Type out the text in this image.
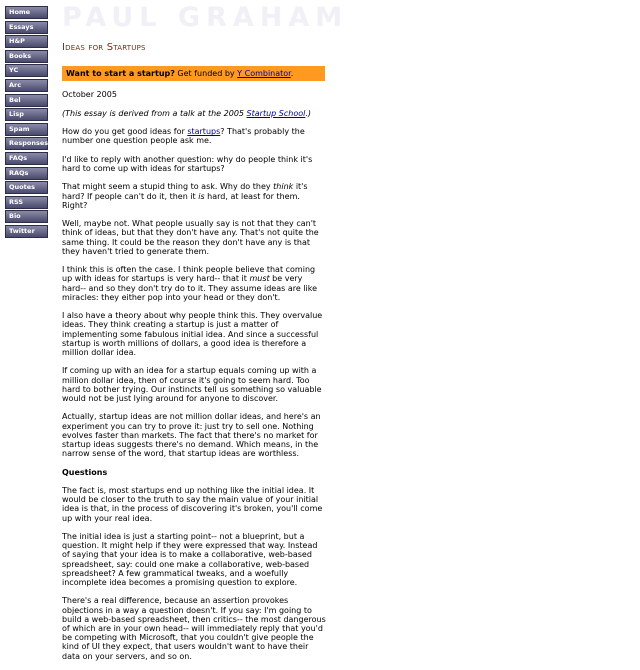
Home
Essays
H&P
Books
YC
Arc
Bel
Lisp
Spam
Responses
FAQs
RAQs
Quotes
RSS
Bio
Twitter
PAUL GRAHAM
Ideas for Startups
Want to start a startup? Get funded by Y Combinator.

October 2005

(This essay is derived from a talk at the 2005 Startup School.)

How do you get good ideas for startups? That's probably the number one question people ask me.

I'd like to reply with another question: why do people think it's hard to come up with ideas for startups?

That might seem a stupid thing to ask. Why do they think it's hard? If people can't do it, then it is hard, at least for them. Right?

Well, maybe not. What people usually say is not that they can't think of ideas, but that they don't have any. That's not quite the same thing. It could be the reason they don't have any is that they haven't tried to generate them.

I think this is often the case. I think people believe that coming up with ideas for startups is very hard-- that it must be very hard-- and so they don't try do to it. They assume ideas are like miracles: they either pop into your head or they don't.

I also have a theory about why people think this. They overvalue ideas. They think creating a startup is just a matter of implementing some fabulous initial idea. And since a successful startup is worth millions of dollars, a good idea is therefore a million dollar idea.

If coming up with an idea for a startup equals coming up with a million dollar idea, then of course it's going to seem hard. Too hard to bother trying. Our instincts tell us something so valuable would not be just lying around for anyone to discover.

Actually, startup ideas are not million dollar ideas, and here's an experiment you can try to prove it: just try to sell one. Nothing evolves faster than markets. The fact that there's no market for startup ideas suggests there's no demand. Which means, in the narrow sense of the word, that startup ideas are worthless.

Questions

The fact is, most startups end up nothing like the initial idea. It would be closer to the truth to say the main value of your initial idea is that, in the process of discovering it's broken, you'll come up with your real idea.

The initial idea is just a starting point-- not a blueprint, but a question. It might help if they were expressed that way. Instead of saying that your idea is to make a collaborative, web-based spreadsheet, say: could one make a collaborative, web-based spreadsheet? A few grammatical tweaks, and a woefully incomplete idea becomes a promising question to explore.

There's a real difference, because an assertion provokes objections in a way a question doesn't. If you say: I'm going to build a web-based spreadsheet, then critics-- the most dangerous of which are in your own head-- will immediately reply that you'd be competing with Microsoft, that you couldn't give people the kind of UI they expect, that users wouldn't want to have their data on your servers, and so on.
